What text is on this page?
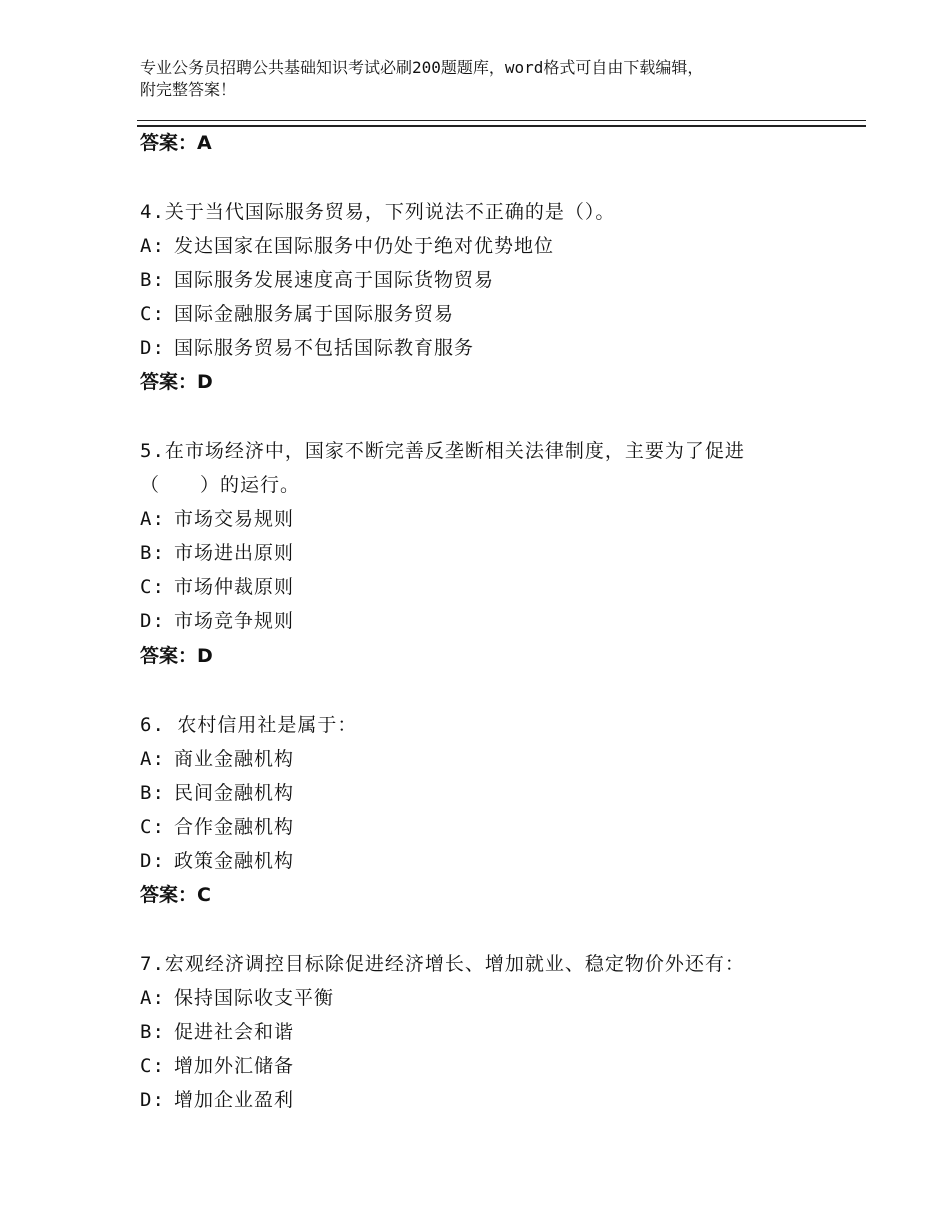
专业公务员招聘公共基础知识考试必刷200题题库，word格式可自由下载编辑，
附完整答案！
答案：A

4.关于当代国际服务贸易，下列说法不正确的是（）。

A: 发达国家在国际服务中仍处于绝对优势地位

B: 国际服务发展速度高于国际货物贸易

C: 国际金融服务属于国际服务贸易

D: 国际服务贸易不包括国际教育服务

答案：D

5.在市场经济中，国家不断完善反垄断相关法律制度，主要为了促进

（　　）的运行。

A: 市场交易规则

B: 市场进出原则

C: 市场仲裁原则

D: 市场竞争规则

答案：D

6. 农村信用社是属于：

A: 商业金融机构

B: 民间金融机构

C: 合作金融机构

D: 政策金融机构

答案：C

7.宏观经济调控目标除促进经济增长、增加就业、稳定物价外还有：

A: 保持国际收支平衡

B: 促进社会和谐

C: 增加外汇储备

D: 增加企业盈利
